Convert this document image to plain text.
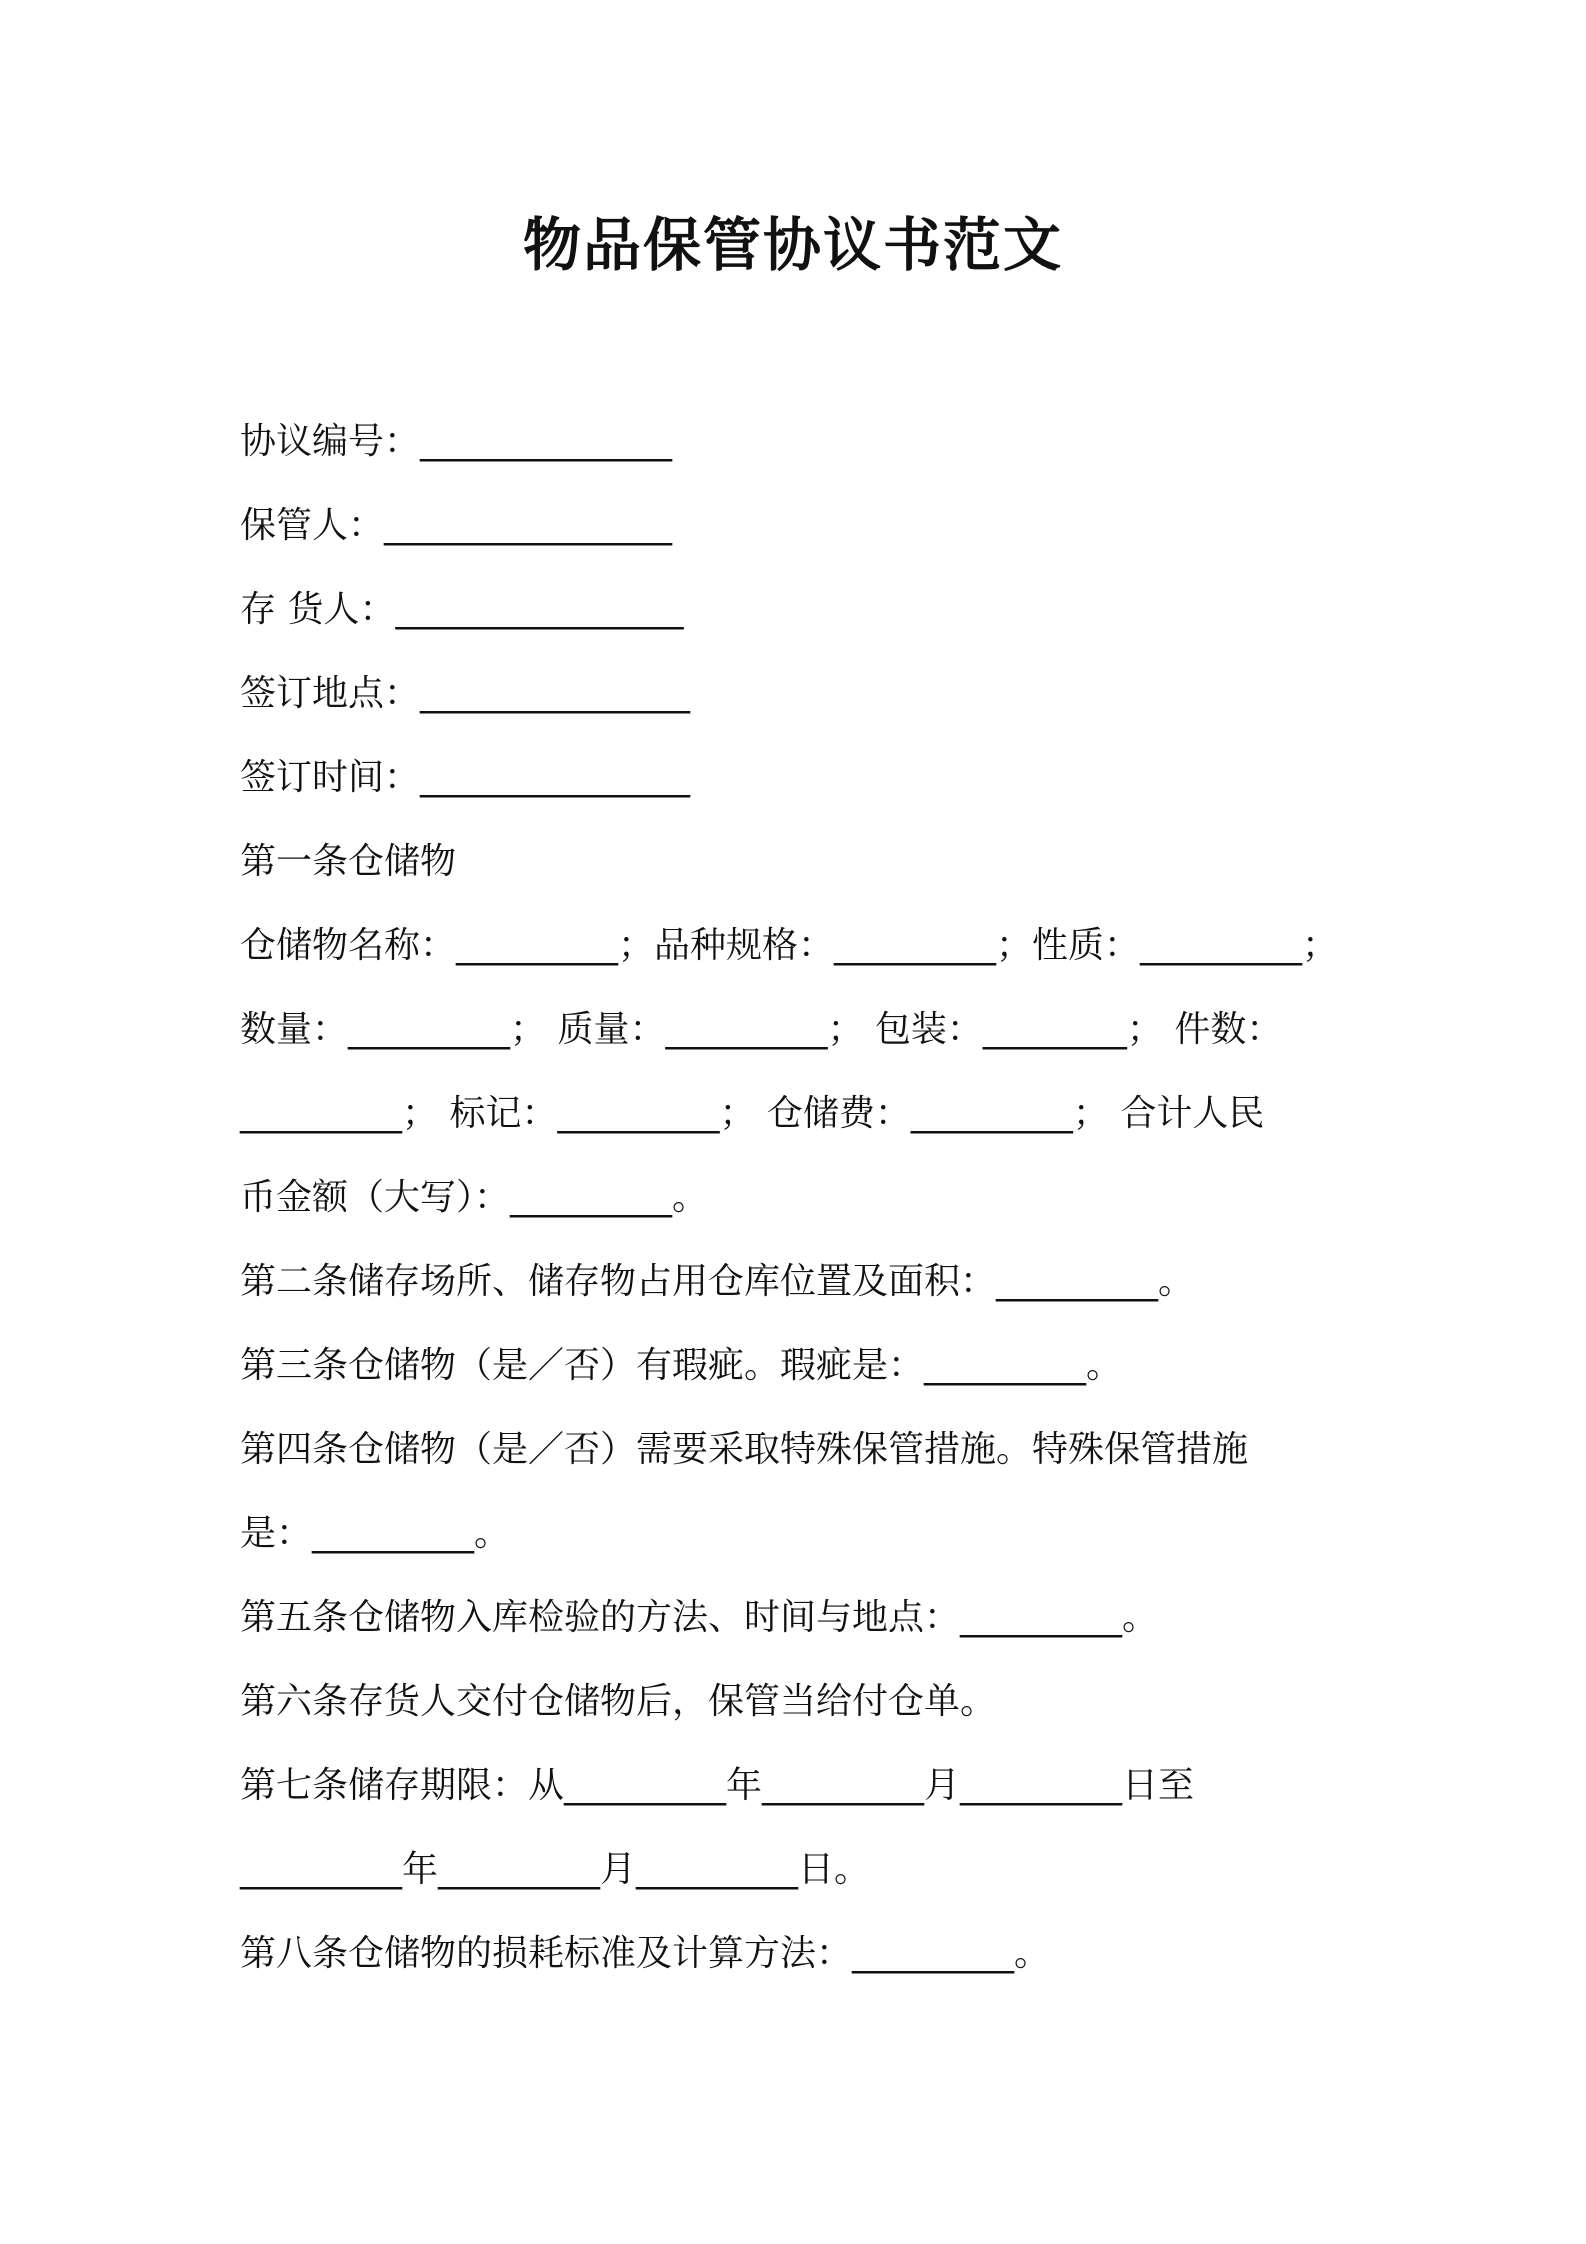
物品保管协议书范文
协议编号：______________
保管人：________________
存 货人：________________
签订地点：_______________
签订时间：_______________
第一条仓储物
仓储物名称：_________；品种规格：_________；性质：_________；
数量：_________； 质量：_________； 包装：________； 件数：
_________； 标记：_________； 仓储费：_________； 合计人民
币金额（大写）：_________。
第二条储存场所、储存物占用仓库位置及面积：_________。
第三条仓储物（是／否）有瑕疵。瑕疵是：_________。
第四条仓储物（是／否）需要采取特殊保管措施。特殊保管措施
是：_________。
第五条仓储物入库检验的方法、时间与地点：_________。
第六条存货人交付仓储物后，保管当给付仓单。
第七条储存期限：从_________年_________月_________日至
_________年_________月_________日。
第八条仓储物的损耗标准及计算方法：_________。
